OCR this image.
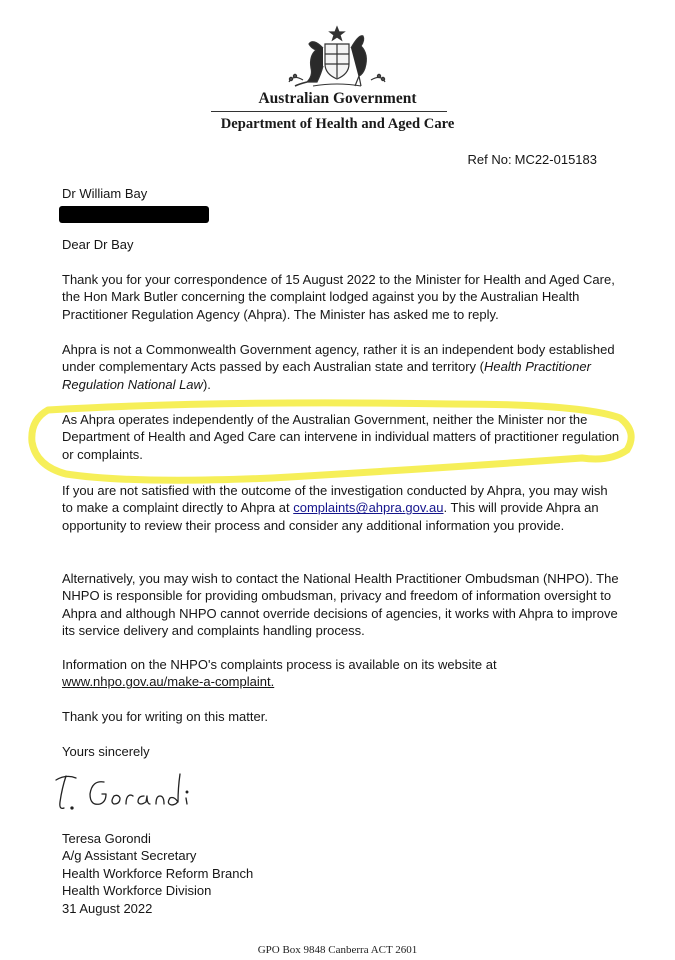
Australian Government
Department of Health and Aged Care
Ref No: MC22-015183
Dr William Bay
Dear Dr Bay

Thank you for your correspondence of 15 August 2022 to the Minister for Health and Aged Care, the Hon Mark Butler concerning the complaint lodged against you by the Australian Health Practitioner Regulation Agency (Ahpra). The Minister has asked me to reply.

Ahpra is not a Commonwealth Government agency, rather it is an independent body established under complementary Acts passed by each Australian state and territory (Health Practitioner Regulation National Law).

As Ahpra operates independently of the Australian Government, neither the Minister nor the Department of Health and Aged Care can intervene in individual matters of practitioner regulation or complaints.

If you are not satisfied with the outcome of the investigation conducted by Ahpra, you may wish to make a complaint directly to Ahpra at complaints@ahpra.gov.au. This will provide Ahpra an opportunity to review their process and consider any additional information you provide.

Alternatively, you may wish to contact the National Health Practitioner Ombudsman (NHPO). The NHPO is responsible for providing ombudsman, privacy and freedom of information oversight to Ahpra and although NHPO cannot override decisions of agencies, it works with Ahpra to improve its service delivery and complaints handling process.

Information on the NHPO's complaints process is available on its website at www.nhpo.gov.au/make-a-complaint.

Thank you for writing on this matter.
Yours sincerely

Teresa Gorondi

A/g Assistant Secretary

Health Workforce Reform Branch

Health Workforce Division

31 August 2022

GPO Box 9848 Canberra ACT 2601
